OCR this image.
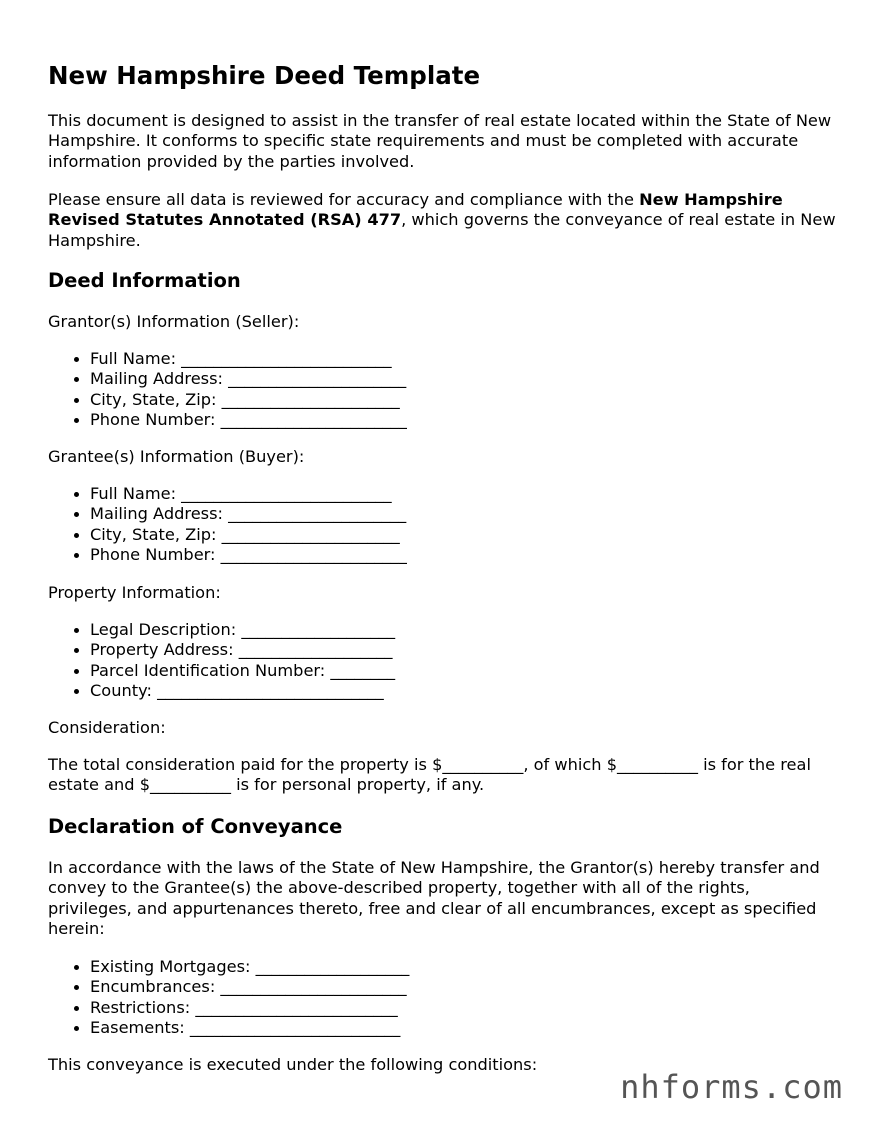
New Hampshire Deed Template

This document is designed to assist in the transfer of real estate located within the State of New Hampshire. It conforms to specific state requirements and must be completed with accurate information provided by the parties involved.

Please ensure all data is reviewed for accuracy and compliance with the New Hampshire Revised Statutes Annotated (RSA) 477, which governs the conveyance of real estate in New Hampshire.

Deed Information
Grantor(s) Information (Seller):
Full Name: __________________________
Mailing Address: ______________________
City, State, Zip: ______________________
Phone Number: _______________________
Grantee(s) Information (Buyer):
Full Name: __________________________
Mailing Address: ______________________
City, State, Zip: ______________________
Phone Number: _______________________
Property Information:
Legal Description: ___________________
Property Address: ___________________
Parcel Identification Number: ________
County: ____________________________
Consideration:

The total consideration paid for the property is $__________, of which $__________ is for the real estate and $__________ is for personal property, if any.

Declaration of Conveyance

In accordance with the laws of the State of New Hampshire, the Grantor(s) hereby transfer and convey to the Grantee(s) the above-described property, together with all of the rights, privileges, and appurtenances thereto, free and clear of all encumbrances, except as specified herein:

Existing Mortgages: ___________________
Encumbrances: _______________________
Restrictions: _________________________
Easements: __________________________

This conveyance is executed under the following conditions:

nhforms.com
